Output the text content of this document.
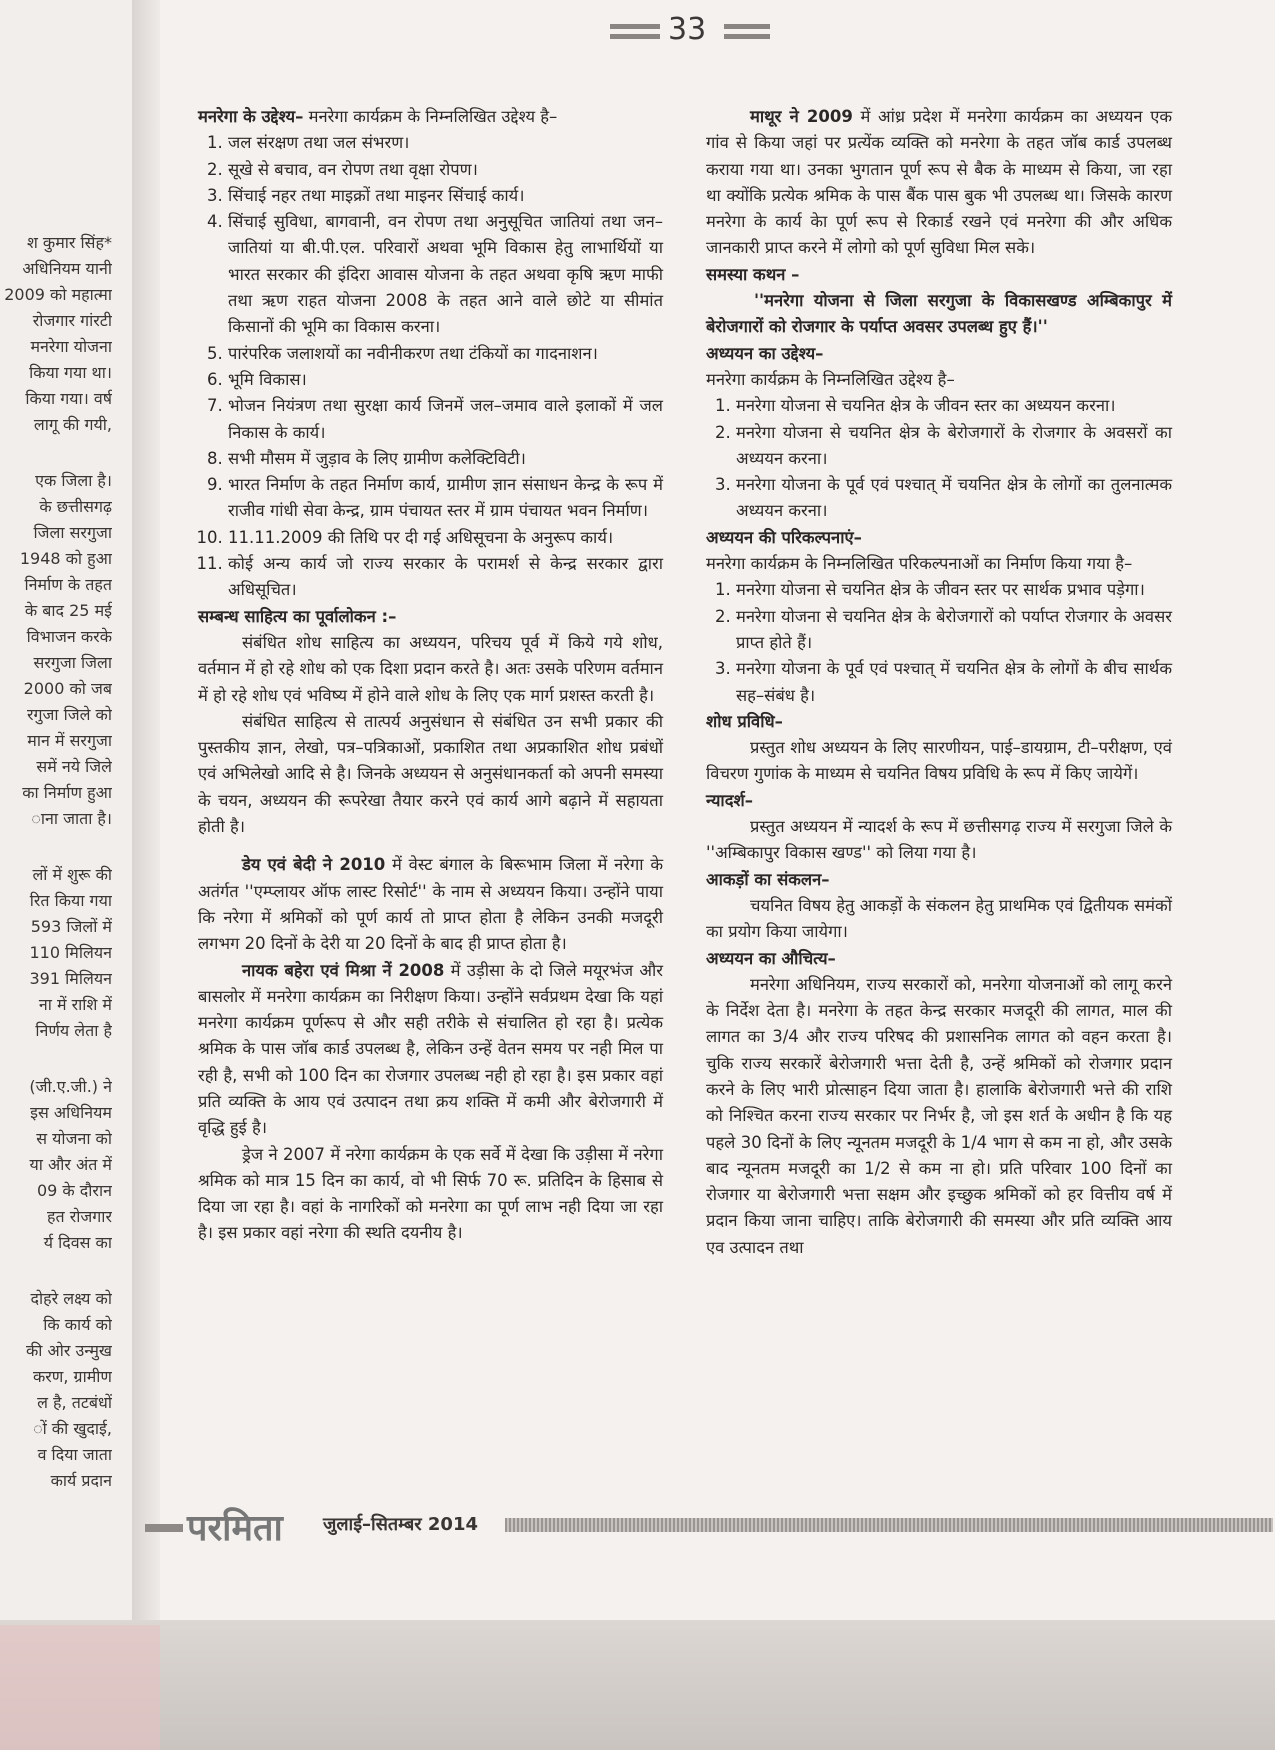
श कुमार सिंह*
अधिनियम यानी
2009 को महात्मा
रोजगार गांरटी
मनरेगा योजना
किया गया था।
किया गया। वर्ष
लागू की गयी,
एक जिला है।
के छत्तीसगढ़
जिला सरगुजा
1948 को हुआ
निर्माण के तहत
के बाद 25 मई
विभाजन करके
सरगुजा जिला
2000 को जब
रगुजा जिले को
मान में सरगुजा
समें नये जिले
का निर्माण हुआ
ाना जाता है।
लों में शुरू की
रित किया गया
593 जिलों में
110 मिलियन
391 मिलियन
ना में राशि में
निर्णय लेता है
(जी.ए.जी.) ने
इस अधिनियम
स योजना को
या और अंत में
09 के दौरान
हत रोजगार
र्य दिवस का
दोहरे लक्ष्य को
कि कार्य को
की ओर उन्मुख
करण, ग्रामीण
ल है, तटबंधों
ों की खुदाई,
व दिया जाता
कार्य प्रदान
33

मनरेगा के उद्देश्य– मनरेगा कार्यक्रम के निम्नलिखित उद्देश्य है–

1. जल संरक्षण तथा जल संभरण।
2. सूखे से बचाव, वन रोपण तथा वृक्षा रोपण।
3. सिंचाई नहर तथा माइक्रों तथा माइनर सिंचाई कार्य।
4. सिंचाई सुविधा, बागवानी, वन रोपण तथा अनुसूचित जातियां तथा जन–जातियां या बी.पी.एल. परिवारों अथवा भूमि विकास हेतु लाभार्थियों या भारत सरकार की इंदिरा आवास योजना के तहत अथवा कृषि ऋण माफी तथा ऋण राहत योजना 2008 के तहत आने वाले छोटे या सीमांत किसानों की भूमि का विकास करना।
5. पारंपरिक जलाशयों का नवीनीकरण तथा टंकियों का गादनाशन।
6. भूमि विकास।
7. भोजन नियंत्रण तथा सुरक्षा कार्य जिनमें जल–जमाव वाले इलाकों में जल निकास के कार्य।
8. सभी मौसम में जुड़ाव के लिए ग्रामीण कलेक्टिविटी।
9. भारत निर्माण के तहत निर्माण कार्य, ग्रामीण ज्ञान संसाधन केन्द्र के रूप में राजीव गांधी सेवा केन्द्र, ग्राम पंचायत स्तर में ग्राम पंचायत भवन निर्माण।
10. 11.11.2009 की तिथि पर दी गई अधिसूचना के अनुरूप कार्य।
11. कोई अन्य कार्य जो राज्य सरकार के परामर्श से केन्द्र सरकार द्वारा अधिसूचित।

सम्बन्ध साहित्य का पूर्वालोकन :–

संबंधित शोध साहित्य का अध्ययन, परिचय पूर्व में किये गये शोध, वर्तमान में हो रहे शोध को एक दिशा प्रदान करते है। अतः उसके परिणम वर्तमान में हो रहे शोध एवं भविष्य में होने वाले शोध के लिए एक मार्ग प्रशस्त करती है।

संबंधित साहित्य से तात्पर्य अनुसंधान से संबंधित उन सभी प्रकार की पुस्तकीय ज्ञान, लेखो, पत्र–पत्रिकाओं, प्रकाशित तथा अप्रकाशित शोध प्रबंधों एवं अभिलेखो आदि से है। जिनके अध्ययन से अनुसंधानकर्ता को अपनी समस्या के चयन, अध्ययन की रूपरेखा तैयार करने एवं कार्य आगे बढ़ाने में सहायता होती है।

डेय एवं बेदी ने 2010 में वेस्ट बंगाल के बिरूभाम जिला में नरेगा के अतंर्गत ''एम्प्लायर ऑफ लास्ट रिसोर्ट'' के नाम से अध्ययन किया। उन्होंने पाया कि नरेगा में श्रमिकों को पूर्ण कार्य तो प्राप्त होता है लेकिन उनकी मजदूरी लगभग 20 दिनों के देरी या 20 दिनों के बाद ही प्राप्त होता है।

नायक बहेरा एवं मिश्रा नें 2008 में उड़ीसा के दो जिले मयूरभंज और बासलोर में मनरेगा कार्यक्रम का निरीक्षण किया। उन्होंने सर्वप्रथम देखा कि यहां मनरेगा कार्यक्रम पूर्णरूप से और सही तरीके से संचालित हो रहा है। प्रत्येक श्रमिक के पास जॉब कार्ड उपलब्ध है, लेकिन उन्हें वेतन समय पर नही मिल पा रही है, सभी को 100 दिन का रोजगार उपलब्ध नही हो रहा है। इस प्रकार वहां प्रति व्यक्ति के आय एवं उत्पादन तथा क्रय शक्ति में कमी और बेरोजगारी में वृद्धि हुई है।

ड्रेज ने 2007 में नरेगा कार्यक्रम के एक सर्वे में देखा कि उड़ीसा में नरेगा श्रमिक को मात्र 15 दिन का कार्य, वो भी सिर्फ 70 रू. प्रतिदिन के हिसाब से दिया जा रहा है। वहां के नागरिकों को मनरेगा का पूर्ण लाभ नही दिया जा रहा है। इस प्रकार वहां नरेगा की स्थति दयनीय है।

माथूर ने 2009 में आंध्र प्रदेश में मनरेगा कार्यक्रम का अध्ययन एक गांव से किया जहां पर प्रत्येंक व्यक्ति को मनरेगा के तहत जॉब कार्ड उपलब्ध कराया गया था। उनका भुगतान पूर्ण रूप से बैक के माध्यम से किया, जा रहा था क्योंकि प्रत्येक श्रमिक के पास बैंक पास बुक भी उपलब्ध था। जिसके कारण मनरेगा के कार्य केा पूर्ण रूप से रिकार्ड रखने एवं मनरेगा की और अधिक जानकारी प्राप्त करने में लोगो को पूर्ण सुविधा मिल सके।

समस्या कथन –

''मनरेगा योजना से जिला सरगुजा के विकासखण्ड अम्बिकापुर में बेरोजगारों को रोजगार के पर्याप्त अवसर उपलब्ध हुए हैं।''

अध्ययन का उद्देश्य–

मनरेगा कार्यक्रम के निम्नलिखित उद्देश्य है–

1. मनरेगा योजना से चयनित क्षेत्र के जीवन स्तर का अध्ययन करना।
2. मनरेगा योजना से चयनित क्षेत्र के बेरोजगारों के रोजगार के अवसरों का अध्ययन करना।
3. मनरेगा योजना के पूर्व एवं पश्चात् में चयनित क्षेत्र के लोगों का तुलनात्मक अध्ययन करना।

अध्ययन की परिकल्पनाएं–

मनरेगा कार्यक्रम के निम्नलिखित परिकल्पनाओं का निर्माण किया गया है–

1. मनरेगा योजना से चयनित क्षेत्र के जीवन स्तर पर सार्थक प्रभाव पड़ेगा।
2. मनरेगा योजना से चयनित क्षेत्र के बेरोजगारों को पर्याप्त रोजगार के अवसर प्राप्त होते हैं।
3. मनरेगा योजना के पूर्व एवं पश्चात् में चयनित क्षेत्र के लोगों के बीच सार्थक सह–संबंध है।

शोध प्रविधि–

प्रस्तुत शोध अध्ययन के लिए सारणीयन, पाई–डायग्राम, टी–परीक्षण, एवं विचरण गुणांक के माध्यम से चयनित विषय प्रविधि के रूप में किए जायेगें।

न्यादर्श–

प्रस्तुत अध्ययन में न्यादर्श के रूप में छत्तीसगढ़ राज्य में सरगुजा जिले के ''अम्बिकापुर विकास खण्ड'' को लिया गया है।

आकड़ों का संकलन–

चयनित विषय हेतु आकड़ों के संकलन हेतु प्राथमिक एवं द्वितीयक समंकों का प्रयोग किया जायेगा।

अध्ययन का औचित्य–

मनरेगा अधिनियम, राज्य सरकारों को, मनरेगा योजनाओं को लागू करने के निर्देश देता है। मनरेगा के तहत केन्द्र सरकार मजदूरी की लागत, माल की लागत का 3/4 और राज्य परिषद की प्रशासनिक लागत को वहन करता है। चुकि राज्य सरकारें बेरोजगारी भत्ता देती है, उन्हें श्रमिकों को रोजगार प्रदान करने के लिए भारी प्रोत्साहन दिया जाता है। हालाकि बेरोजगारी भत्ते की राशि को निश्चित करना राज्य सरकार पर निर्भर है, जो इस शर्त के अधीन है कि यह पहले 30 दिनों के लिए न्यूनतम मजदूरी के 1/4 भाग से कम ना हो, और उसके बाद न्यूनतम मजदूरी का 1/2 से कम ना हो। प्रति परिवार 100 दिनों का रोजगार या बेरोजगारी भत्ता सक्षम और इच्छुक श्रमिकों को हर वित्तीय वर्ष में प्रदान किया जाना चाहिए। ताकि बेरोजगारी की समस्या और प्रति व्यक्ति आय एव उत्पादन तथा

परमिता जुलाई–सितम्बर 2014
